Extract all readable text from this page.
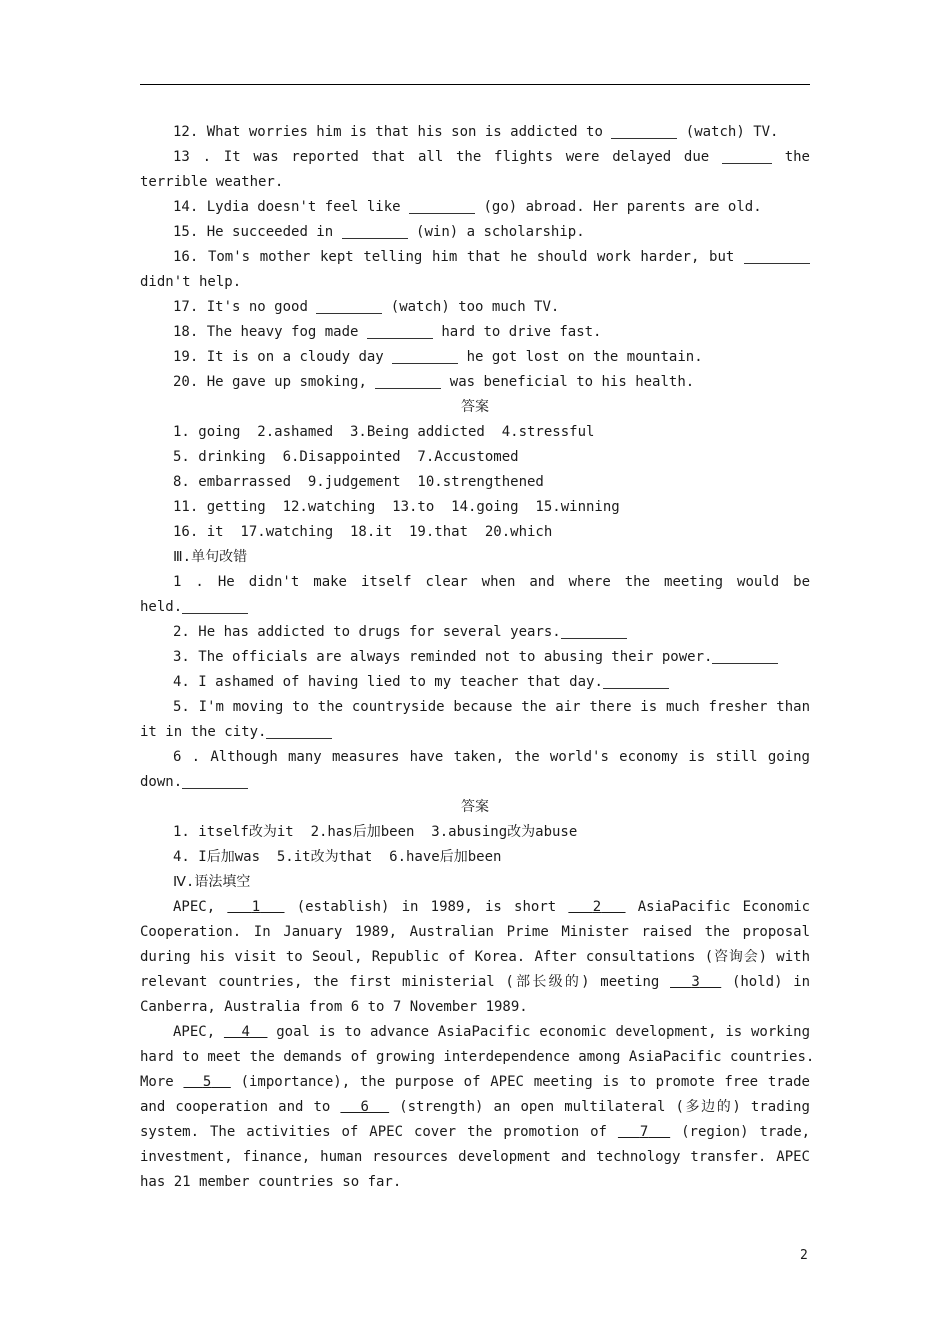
12. What worries him is that his son is addicted to	(watch) TV.
13 . It was reported that all the flights were delayed due	the
terrible weather.
14. Lydia doesn't feel like	(go) abroad. Her parents are old.
15. He succeeded in	(win) a scholarship.
16. Tom's mother kept telling him that he should work harder, but
didn't help.
17. It's no good	(watch) too much TV.
18. The heavy fog made	hard to drive fast.
19. It is on a cloudy day	he got lost on the mountain.
20. He gave up smoking,	was beneficial to his health.
答案
1. going  2.ashamed  3.Being addicted  4.stressful
5. drinking  6.Disappointed  7.Accustomed
8. embarrassed  9.judgement  10.strengthened
11. getting  12.watching  13.to  14.going  15.winning
16. it  17.watching  18.it  19.that  20.which
Ⅲ.单句改错
1 . He didn't make itself clear when and where the meeting would be
held.
2. He has addicted to drugs for several years.
3. The officials are always reminded not to abusing their power.
4. I ashamed of having lied to my teacher that day.
5. I'm moving to the countryside because the air there is much fresher than
it in the city.
6 . Although many measures have taken, the world's economy is still going
down.
答案
1. itself改为it  2.has后加been  3.abusing改为abuse
4. I后加was  5.it改为that  6.have后加been
Ⅳ.语法填空
APEC,	1	(establish) in 1989, is short	2	AsiaPacific Economic
Cooperation. In January 1989, Australian Prime Minister raised the proposal
during his visit to Seoul, Republic of Korea. After consultations (咨询会) with
relevant countries, the first ministerial (部长级的) meeting 3 (hold) in
Canberra, Australia from 6 to 7 November 1989.
APEC, 4 goal is to advance AsiaPacific economic development, is working
hard to meet the demands of growing interdependence among AsiaPacific countries.
More 5 (importance), the purpose of APEC meeting is to promote free trade
and cooperation and to 6 (strength) an open multilateral (多边的) trading
system. The activities of APEC cover the promotion of 7 (region) trade,
investment, finance, human resources development and technology transfer. APEC
has 21 member countries so far.
2
